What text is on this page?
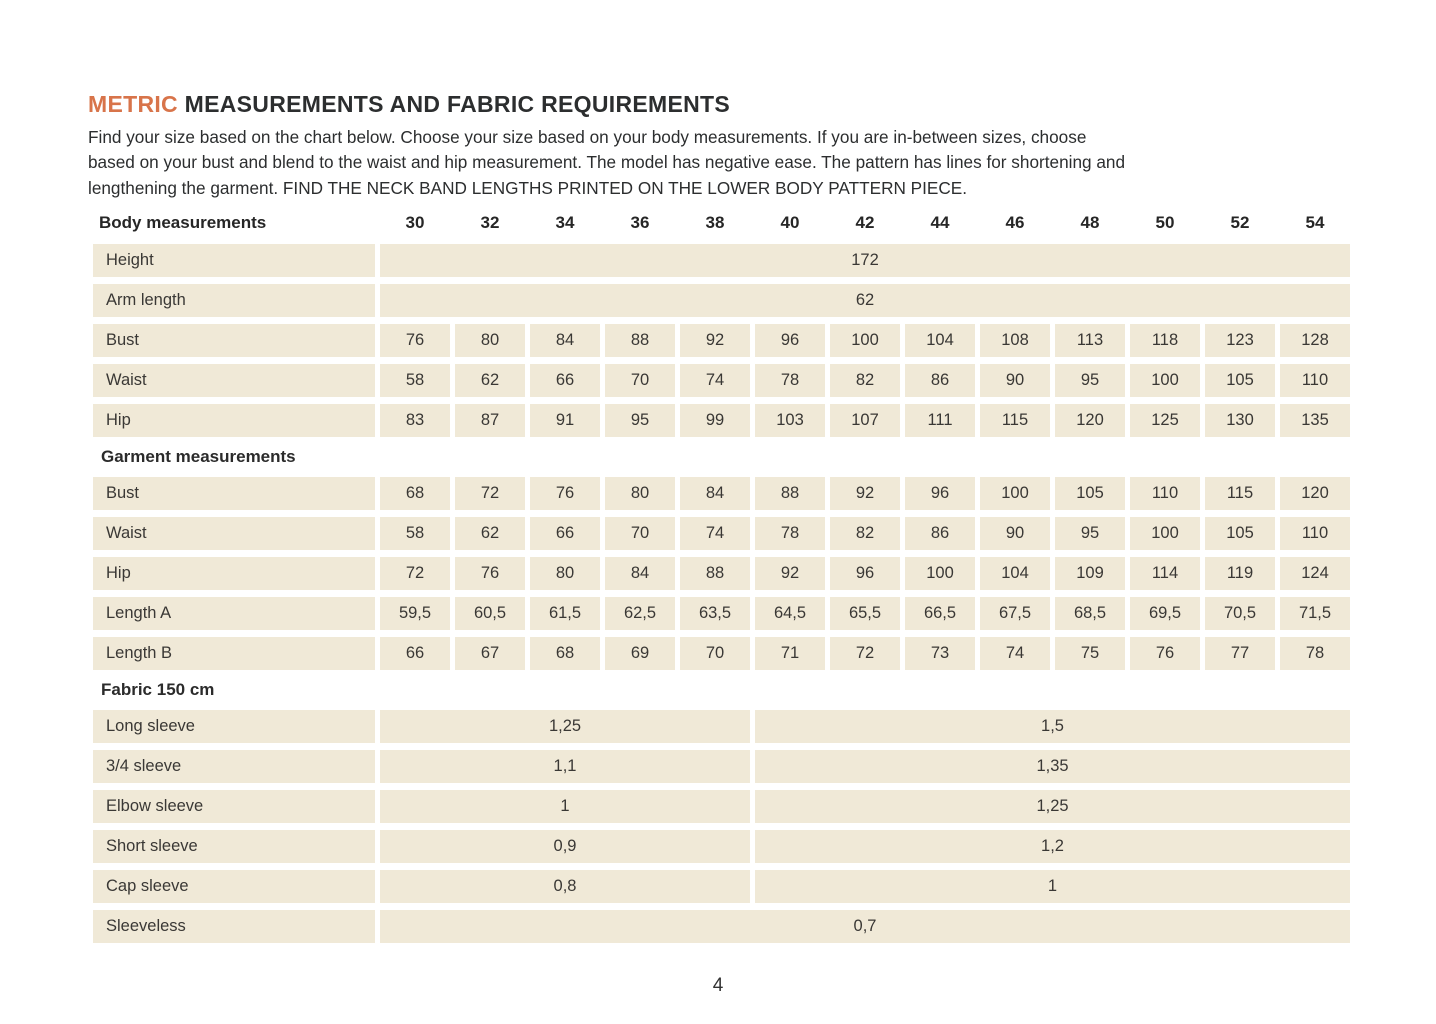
METRIC MEASUREMENTS AND FABRIC REQUIREMENTS

Find your size based on the chart below. Choose your size based on your body measurements. If you are in-between sizes, choose
based on your bust and blend to the waist and hip measurement. The model has negative ease. The pattern has lines for shortening and
lengthening the garment. FIND THE NECK BAND LENGTHS PRINTED ON THE LOWER BODY PATTERN PIECE.

Body measurements	30	32	34	36	38	40	42	44	46	48	50	52	54
Height	172
Arm length	62
Bust	76	80	84	88	92	96	100	104	108	113	118	123	128
Waist	58	62	66	70	74	78	82	86	90	95	100	105	110
Hip	83	87	91	95	99	103	107	111	115	120	125	130	135
Garment measurements
Bust	68	72	76	80	84	88	92	96	100	105	110	115	120
Waist	58	62	66	70	74	78	82	86	90	95	100	105	110
Hip	72	76	80	84	88	92	96	100	104	109	114	119	124
Length A	59,5	60,5	61,5	62,5	63,5	64,5	65,5	66,5	67,5	68,5	69,5	70,5	71,5
Length B	66	67	68	69	70	71	72	73	74	75	76	77	78
Fabric 150 cm
Long sleeve	1,25	1,5
3/4 sleeve	1,1	1,35
Elbow sleeve	1	1,25
Short sleeve	0,9	1,2
Cap sleeve	0,8	1
Sleeveless	0,7
4
